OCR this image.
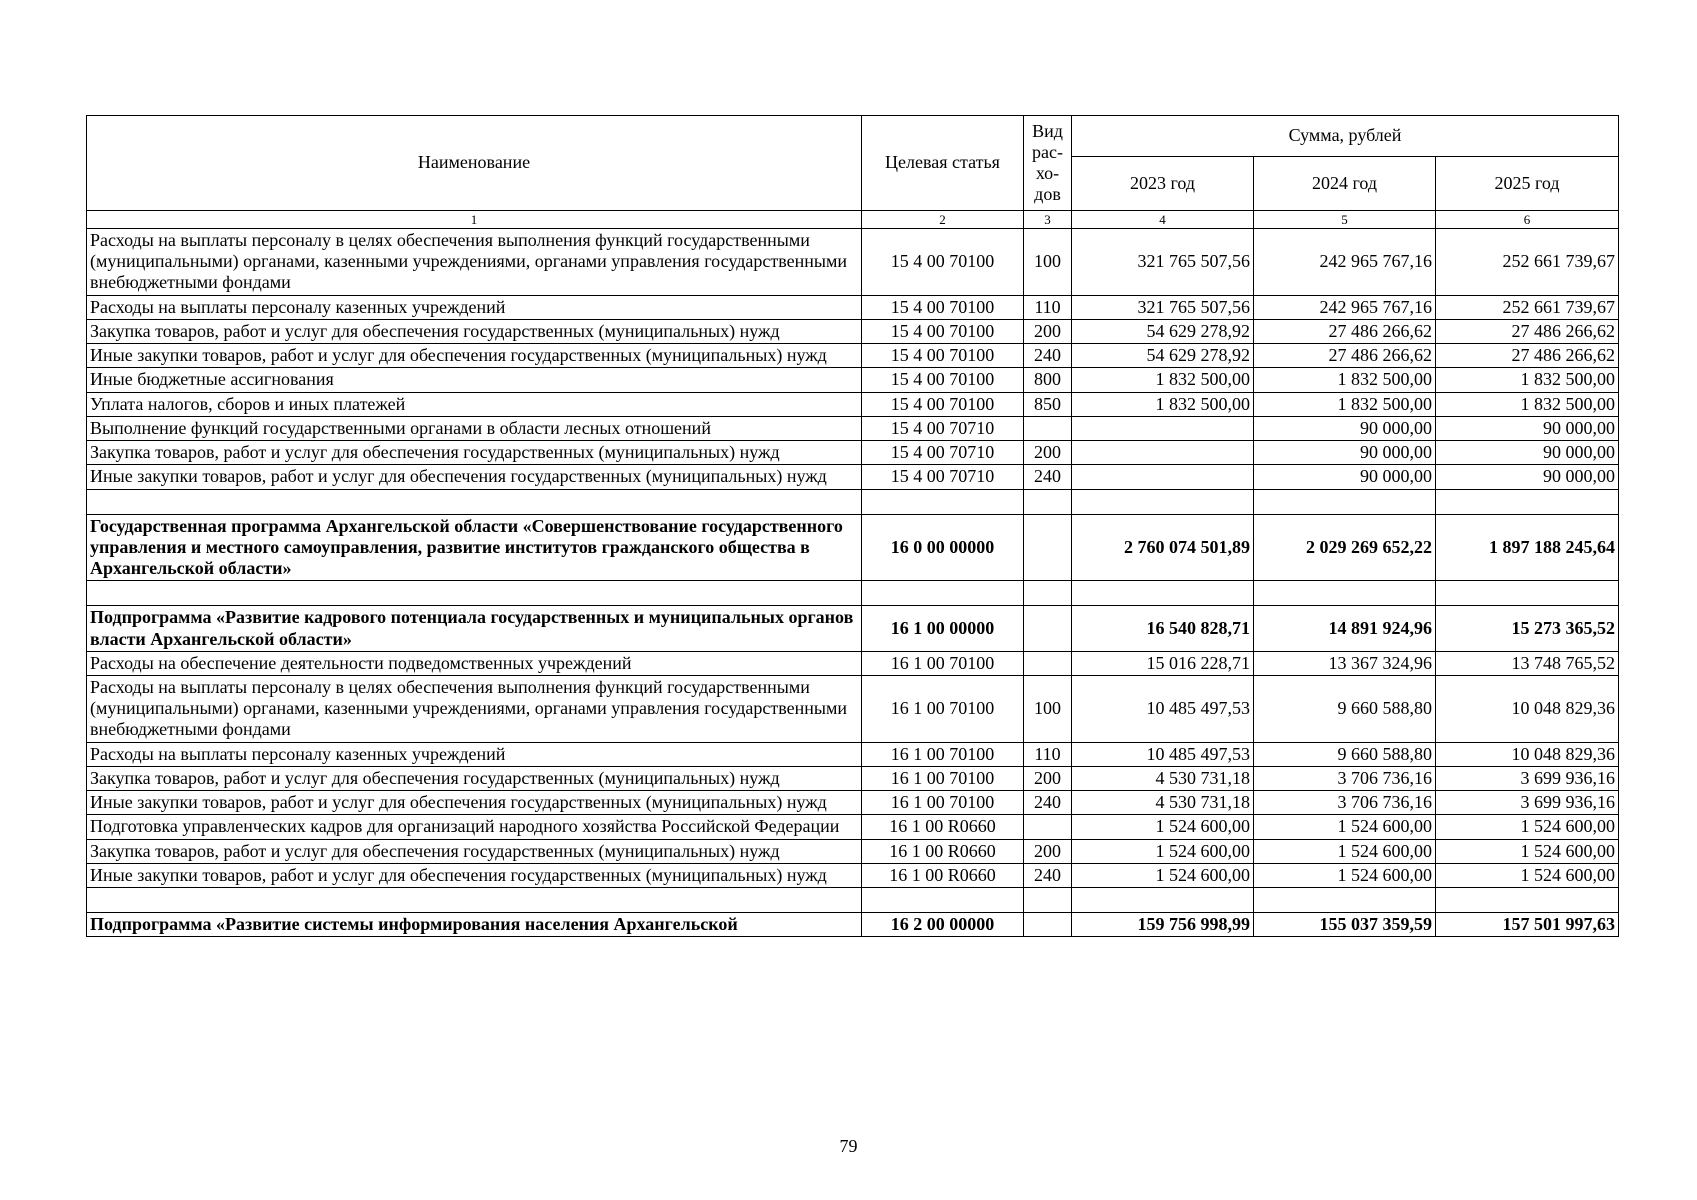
Наименование	Целевая статья	Вид рас-хо-дов	Сумма, рублей		
			2023 год	2024 год	2025 год
1	2	3	4	5	6
Расходы на выплаты персоналу в целях обеспечения выполнения функций государственными (муниципальными) органами, казенными учреждениями, органами управления государственными внебюджетными фондами	15 4 00 70100	100	321 765 507,56	242 965 767,16	252 661 739,67
Расходы на выплаты персоналу казенных учреждений	15 4 00 70100	110	321 765 507,56	242 965 767,16	252 661 739,67
Закупка товаров, работ и услуг для обеспечения государственных (муниципальных) нужд	15 4 00 70100	200	54 629 278,92	27 486 266,62	27 486 266,62
Иные закупки товаров, работ и услуг для обеспечения государственных (муниципальных) нужд	15 4 00 70100	240	54 629 278,92	27 486 266,62	27 486 266,62
Иные бюджетные ассигнования	15 4 00 70100	800	1 832 500,00	1 832 500,00	1 832 500,00
Уплата налогов, сборов и иных платежей	15 4 00 70100	850	1 832 500,00	1 832 500,00	1 832 500,00
Выполнение функций государственными органами в области лесных отношений	15 4 00 70710			90 000,00	90 000,00
Закупка товаров, работ и услуг для обеспечения государственных (муниципальных) нужд	15 4 00 70710	200		90 000,00	90 000,00
Иные закупки товаров, работ и услуг для обеспечения государственных (муниципальных) нужд	15 4 00 70710	240		90 000,00	90 000,00

Государственная программа Архангельской области «Совершенствование государственного управления и местного самоуправления, развитие институтов гражданского общества в Архангельской области»	16 0 00 00000		2 760 074 501,89	2 029 269 652,22	1 897 188 245,64

Подпрограмма «Развитие кадрового потенциала государственных и муниципальных органов власти Архангельской области»	16 1 00 00000		16 540 828,71	14 891 924,96	15 273 365,52
Расходы на обеспечение деятельности подведомственных учреждений	16 1 00 70100		15 016 228,71	13 367 324,96	13 748 765,52
Расходы на выплаты персоналу в целях обеспечения выполнения функций государственными (муниципальными) органами, казенными учреждениями, органами управления государственными внебюджетными фондами	16 1 00 70100	100	10 485 497,53	9 660 588,80	10 048 829,36
Расходы на выплаты персоналу казенных учреждений	16 1 00 70100	110	10 485 497,53	9 660 588,80	10 048 829,36
Закупка товаров, работ и услуг для обеспечения государственных (муниципальных) нужд	16 1 00 70100	200	4 530 731,18	3 706 736,16	3 699 936,16
Иные закупки товаров, работ и услуг для обеспечения государственных (муниципальных) нужд	16 1 00 70100	240	4 530 731,18	3 706 736,16	3 699 936,16
Подготовка управленческих кадров для организаций народного хозяйства Российской Федерации	16 1 00 R0660		1 524 600,00	1 524 600,00	1 524 600,00
Закупка товаров, работ и услуг для обеспечения государственных (муниципальных) нужд	16 1 00 R0660	200	1 524 600,00	1 524 600,00	1 524 600,00
Иные закупки товаров, работ и услуг для обеспечения государственных (муниципальных) нужд	16 1 00 R0660	240	1 524 600,00	1 524 600,00	1 524 600,00

Подпрограмма «Развитие системы информирования населения Архангельской	16 2 00 00000		159 756 998,99	155 037 359,59	157 501 997,63
79
